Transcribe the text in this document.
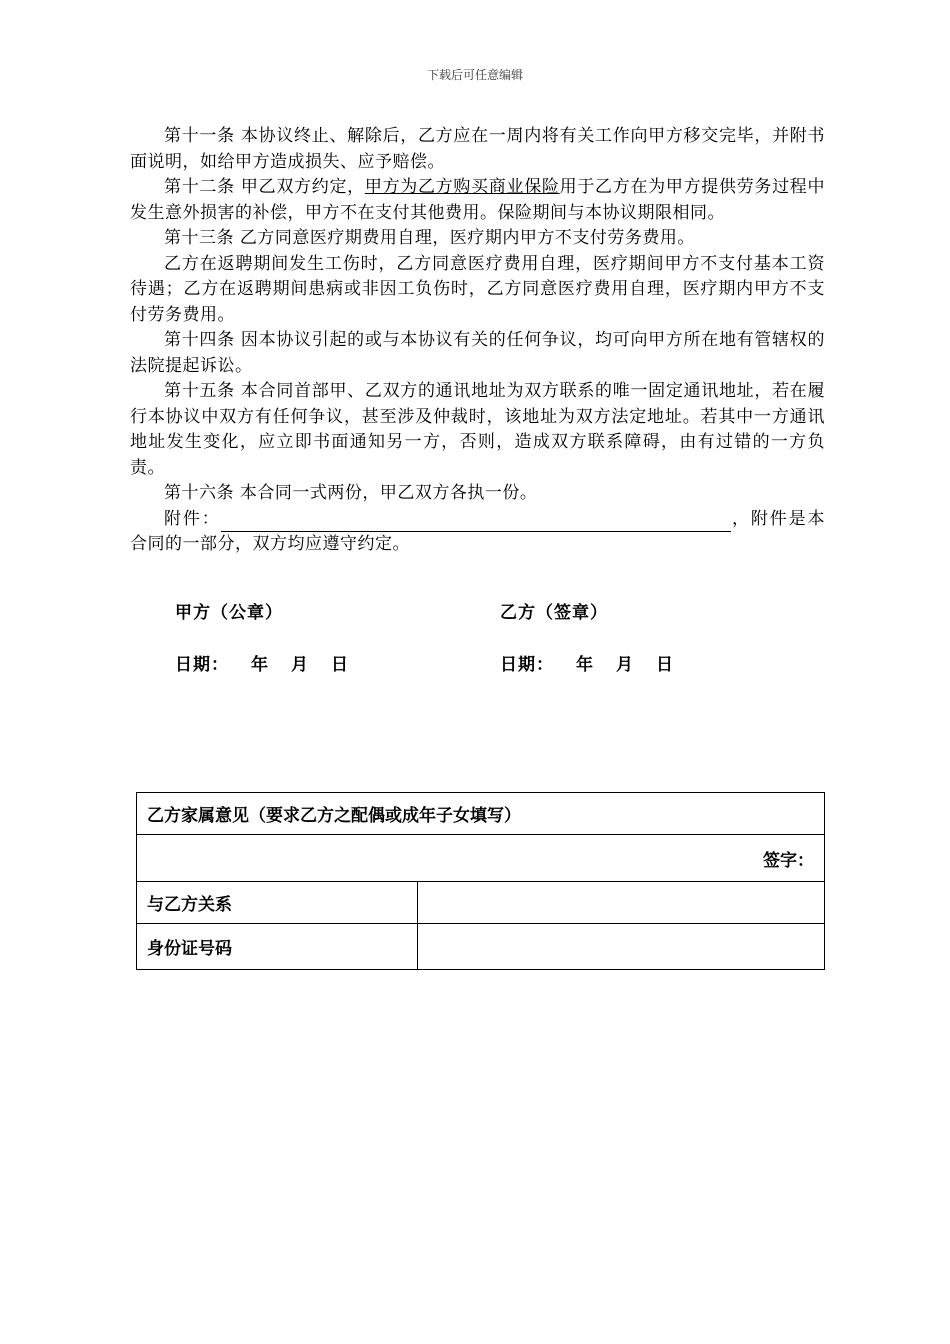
下载后可任意编辑

第十一条 本协议终止、解除后，乙方应在一周内将有关工作向甲方移交完毕，并附书面说明，如给甲方造成损失、应予赔偿。

第十二条 甲乙双方约定，甲方为乙方购买商业保险用于乙方在为甲方提供劳务过程中发生意外损害的补偿，甲方不在支付其他费用。保险期间与本协议期限相同。

第十三条 乙方同意医疗期费用自理，医疗期内甲方不支付劳务费用。

乙方在返聘期间发生工伤时，乙方同意医疗费用自理，医疗期间甲方不支付基本工资待遇；乙方在返聘期间患病或非因工负伤时，乙方同意医疗费用自理，医疗期内甲方不支付劳务费用。

第十四条 因本协议引起的或与本协议有关的任何争议，均可向甲方所在地有管辖权的法院提起诉讼。

第十五条 本合同首部甲、乙双方的通讯地址为双方联系的唯一固定通讯地址，若在履行本协议中双方有任何争议，甚至涉及仲裁时，该地址为双方法定地址。若其中一方通讯地址发生变化，应立即书面通知另一方，否则，造成双方联系障碍，由有过错的一方负责。

第十六条 本合同一式两份，甲乙双方各执一份。

附件：	，附件是本合同的一部分，双方均应遵守约定。

甲方（公章）	乙方（签章）
日期： 年 月 日	日期： 年 月 日
乙方家属意见（要求乙方之配偶或成年子女填写）	
签字：	
与乙方关系	
身份证号码	
